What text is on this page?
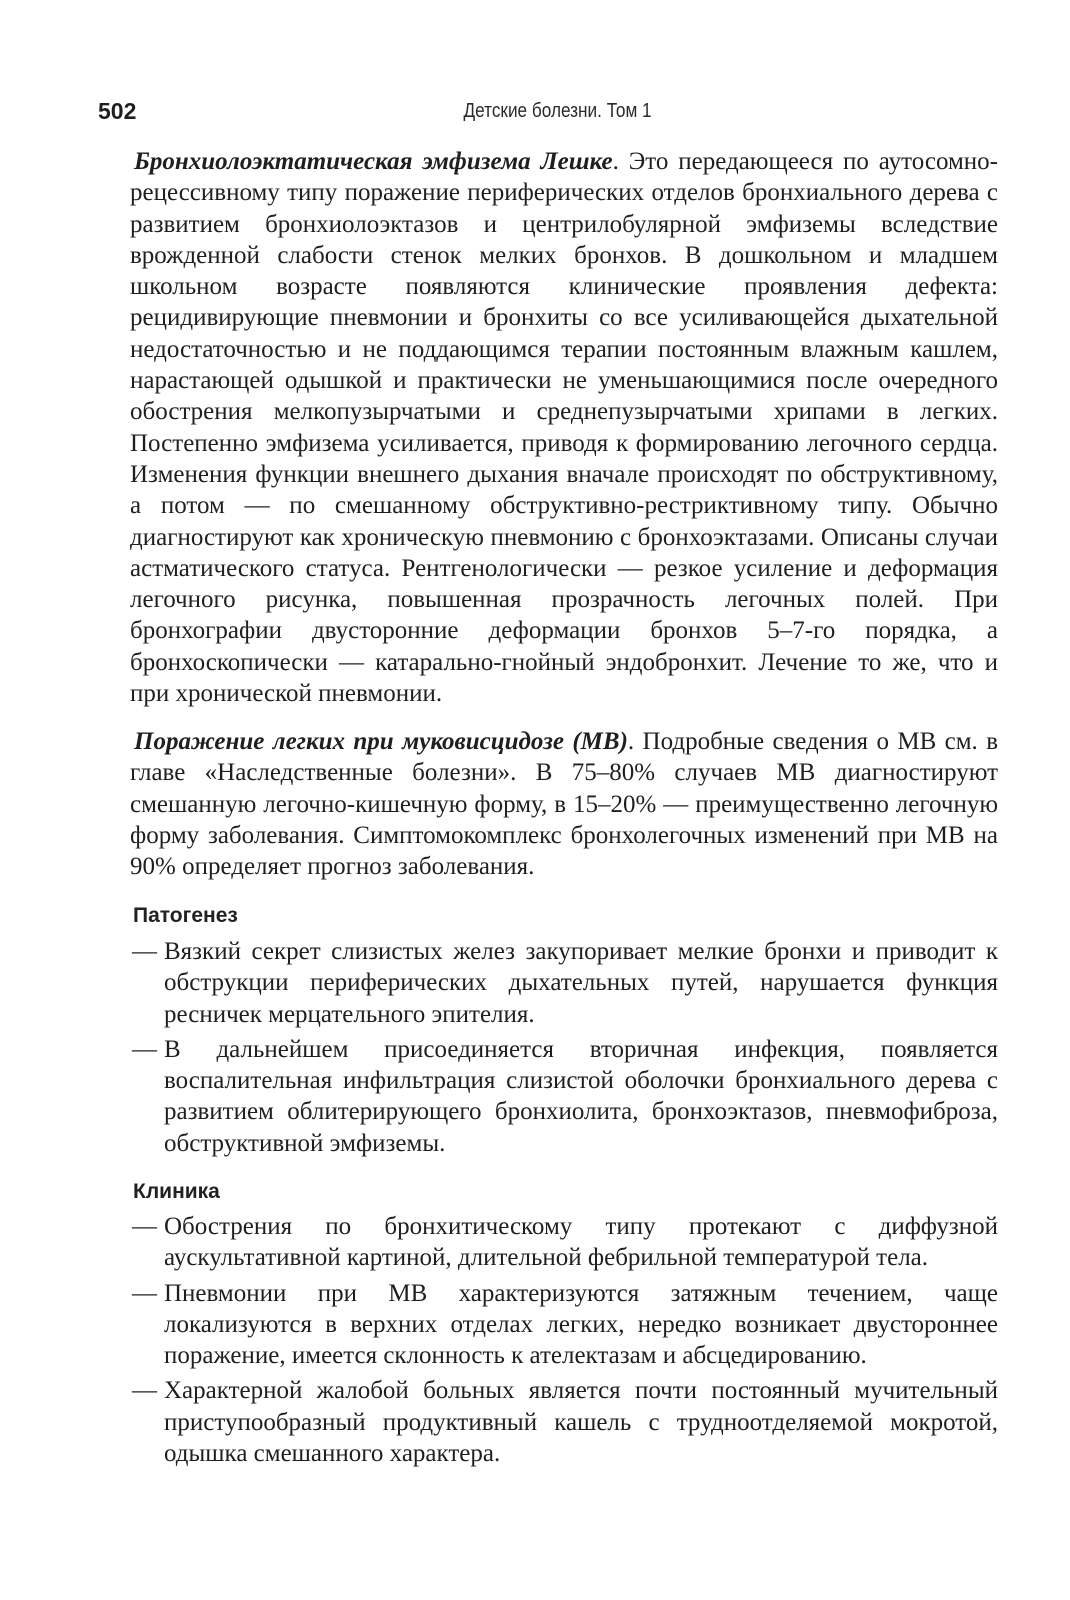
502	Детские болезни. Том 1

Бронхиолоэктатическая эмфизема Лешке. Это передающееся по аутосомно-рецессивному типу поражение периферических отделов бронхиального дерева с развитием бронхиолоэктазов и центрилобулярной эмфиземы вследствие врожденной слабости стенок мелких бронхов. В дошкольном и младшем школьном возрасте появляются клинические проявления дефекта: рецидивирующие пневмонии и бронхиты со все усиливающейся дыхательной недостаточностью и не поддающимся терапии постоянным влажным кашлем, нарастающей одышкой и практически не уменьшающимися после очередного обострения мелкопузырчатыми и среднепузырчатыми хрипами в легких. Постепенно эмфизема усиливается, приводя к формированию легочного сердца. Изменения функции внешнего дыхания вначале происходят по обструктивному, а потом — по смешанному обструктивно-рестриктивному типу. Обычно диагностируют как хроническую пневмонию с бронхоэктазами. Описаны случаи астматического статуса. Рентгенологически — резкое усиление и деформация легочного рисунка, повышенная прозрачность легочных полей. При бронхографии двусторонние деформации бронхов 5–7-го порядка, а бронхоскопически — катарально-гнойный эндобронхит. Лечение то же, что и при хронической пневмонии.

Поражение легких при муковисцидозе (МВ). Подробные сведения о МВ см. в главе «Наследственные болезни». В 75–80% случаев МВ диагностируют смешанную легочно-кишечную форму, в 15–20% — преимущественно легочную форму заболевания. Симптомокомплекс бронхолегочных изменений при МВ на 90% определяет прогноз заболевания.

Патогенез
— Вязкий секрет слизистых желез закупоривает мелкие бронхи и приводит к обструкции периферических дыхательных путей, нарушается функция ресничек мерцательного эпителия.
— В дальнейшем присоединяется вторичная инфекция, появляется воспалительная инфильтрация слизистой оболочки бронхиального дерева с развитием облитерирующего бронхиолита, бронхоэктазов, пневмофиброза, обструктивной эмфиземы.
Клиника
— Обострения по бронхитическому типу протекают с диффузной аускультативной картиной, длительной фебрильной температурой тела.
— Пневмонии при МВ характеризуются затяжным течением, чаще локализуются в верхних отделах легких, нередко возникает двустороннее поражение, имеется склонность к ателектазам и абсцедированию.
— Характерной жалобой больных является почти постоянный мучительный приступообразный продуктивный кашель с трудноотделяемой мокротой, одышка смешанного характера.
